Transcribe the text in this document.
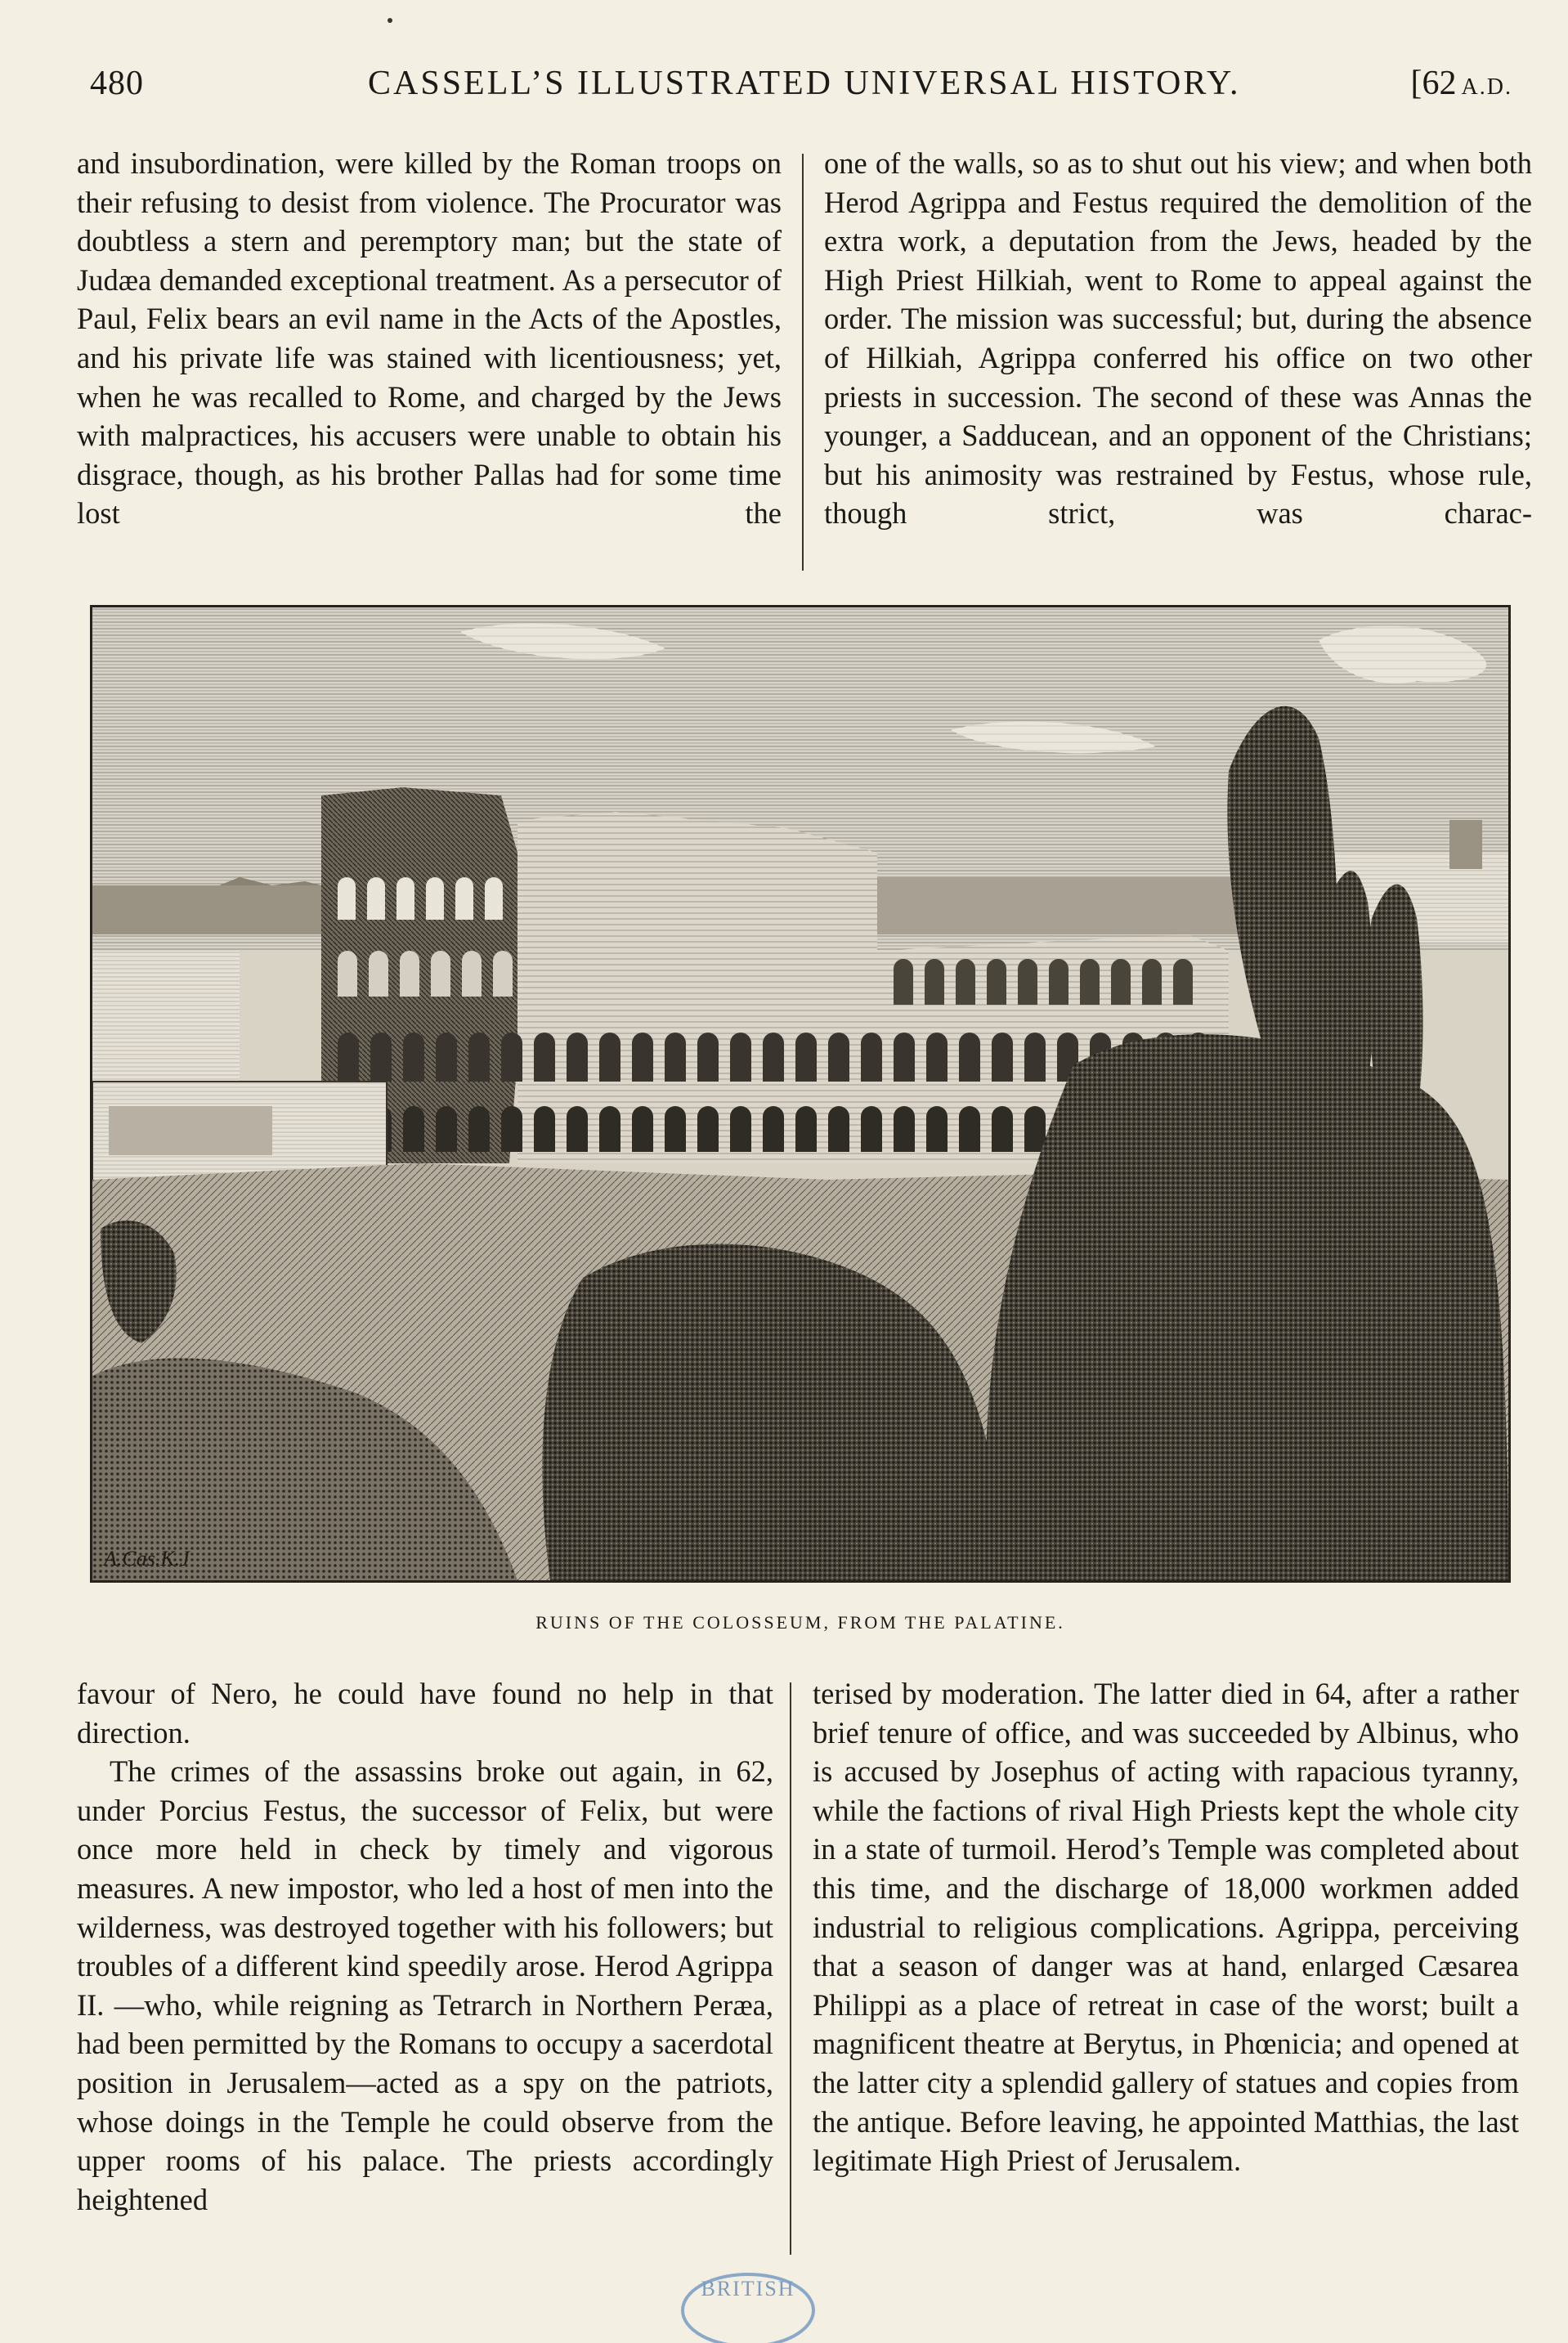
480	CASSELL’S ILLUSTRATED UNIVERSAL HISTORY.	[62 A.D.

and insubordination, were killed by the Roman troops on their refusing to desist from violence. The Procurator was doubtless a stern and peremptory man; but the state of Judæa demanded exceptional treatment. As a persecutor of Paul, Felix bears an evil name in the Acts of the Apostles, and his private life was stained with licentiousness; yet, when he was recalled to Rome, and charged by the Jews with malpractices, his accusers were unable to obtain his disgrace, though, as his brother Pallas had for some time lost the

one of the walls, so as to shut out his view; and when both Herod Agrippa and Festus required the demolition of the extra work, a deputation from the Jews, headed by the High Priest Hilkiah, went to Rome to appeal against the order. The mission was successful; but, during the absence of Hilkiah, Agrippa conferred his office on two other priests in succession. The second of these was Annas the younger, a Sadducean, and an opponent of the Christians; but his animosity was restrained by Festus, whose rule, though strict, was charac-

A.Cas.K.J
RUINS OF THE COLOSSEUM, FROM THE PALATINE.

favour of Nero, he could have found no help in that direction.

The crimes of the assassins broke out again, in 62, under Porcius Festus, the successor of Felix, but were once more held in check by timely and vigorous measures. A new impostor, who led a host of men into the wilderness, was destroyed together with his followers; but troubles of a different kind speedily arose. Herod Agrippa II. —who, while reigning as Tetrarch in Northern Peræa, had been permitted by the Romans to occupy a sacerdotal position in Jerusalem—acted as a spy on the patriots, whose doings in the Temple he could observe from the upper rooms of his palace. The priests accordingly heightened

terised by moderation. The latter died in 64, after a rather brief tenure of office, and was succeeded by Albinus, who is accused by Josephus of acting with rapacious tyranny, while the factions of rival High Priests kept the whole city in a state of turmoil. Herod’s Temple was completed about this time, and the discharge of 18,000 workmen added industrial to religious complications. Agrippa, perceiving that a season of danger was at hand, enlarged Cæsarea Philippi as a place of retreat in case of the worst; built a magnificent theatre at Berytus, in Phœnicia; and opened at the latter city a splendid gallery of statues and copies from the antique. Before leaving, he appointed Matthias, the last legitimate High Priest of Jerusalem.

BRITISH
